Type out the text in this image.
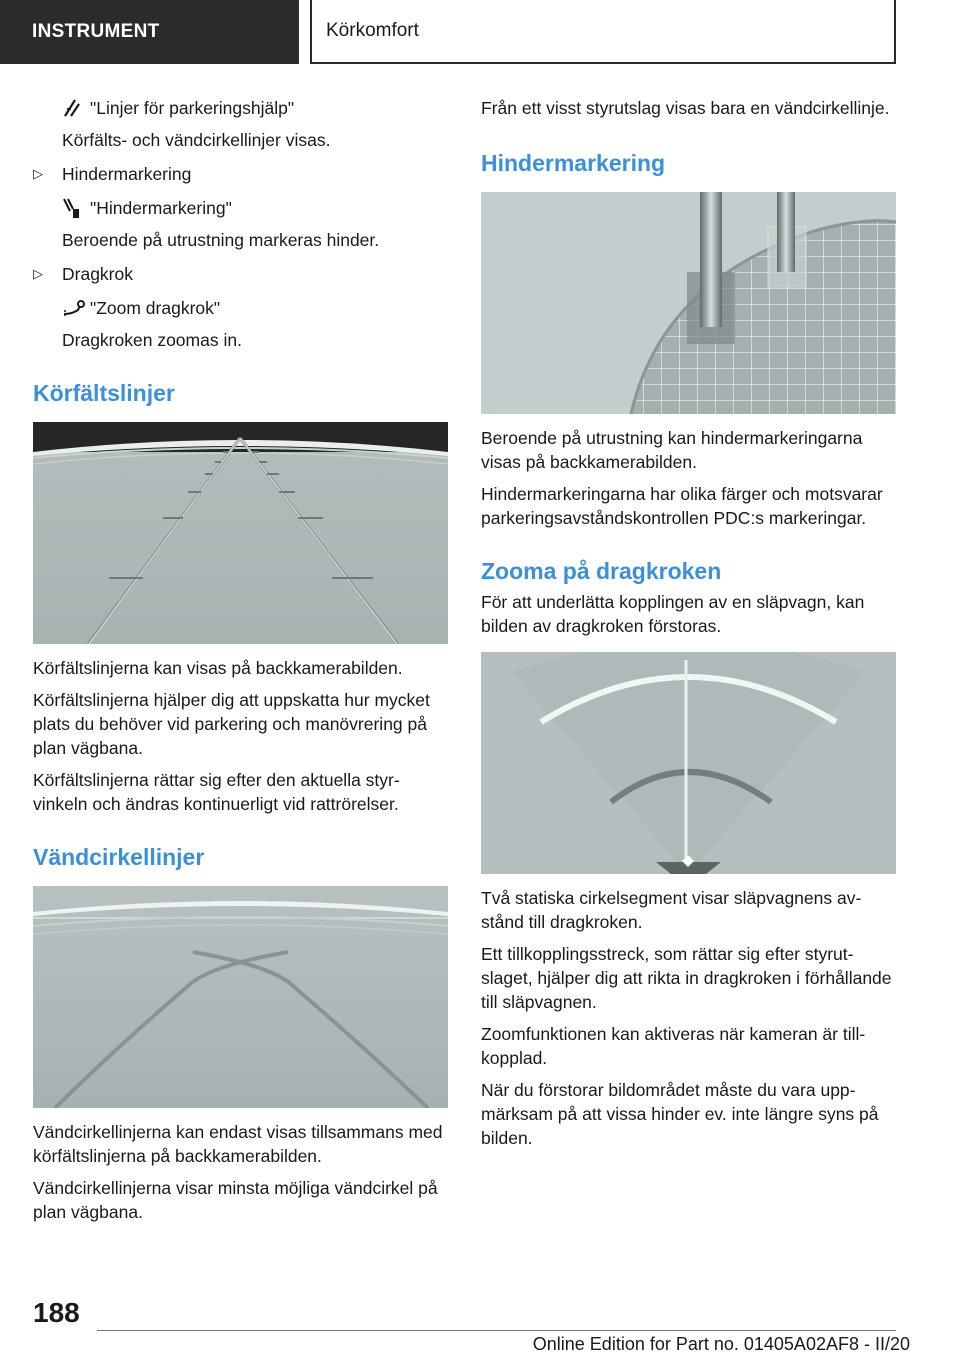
INSTRUMENT	Körkomfort

"Linjer för parkeringshjälp"

Körfälts- och vändcirkellinjer visas.

▷	Hindermarkering

"Hindermarkering"

Beroende på utrustning markeras hinder.

▷	Dragkrok

"Zoom dragkrok"

Dragkroken zoomas in.

Körfältslinjer

Körfältslinjerna kan visas på backkamerabilden.

Körfältslinjerna hjälper dig att uppskatta hur mycket plats du behöver vid parkering och manövrering på plan vägbana.

Körfältslinjerna rättar sig efter den aktuella styrvinkeln och ändras kontinuerligt vid rattrörelser.

Vändcirkellinjer

Vändcirkellinjerna kan endast visas tillsammans med körfältslinjerna på backkamerabilden.

Vändcirkellinjerna visar minsta möjliga vändcirkel på plan vägbana.

Från ett visst styrutslag visas bara en vändcirkellinje.

Hindermarkering

Beroende på utrustning kan hindermarkeringarna visas på backkamerabilden.

Hindermarkeringarna har olika färger och motsvarar parkeringsavståndskontrollen PDC:s markeringar.

Zooma på dragkroken

För att underlätta kopplingen av en släpvagn, kan bilden av dragkroken förstoras.

Två statiska cirkelsegment visar släpvagnens avstånd till dragkroken.

Ett tillkopplingsstreck, som rättar sig efter styrutslaget, hjälper dig att rikta in dragkroken i förhållande till släpvagnen.

Zoomfunktionen kan aktiveras när kameran är tillkopplad.

När du förstorar bildområdet måste du vara uppmärksam på att vissa hinder ev. inte längre syns på bilden.

188
Online Edition for Part no. 01405A02AF8 - II/20
